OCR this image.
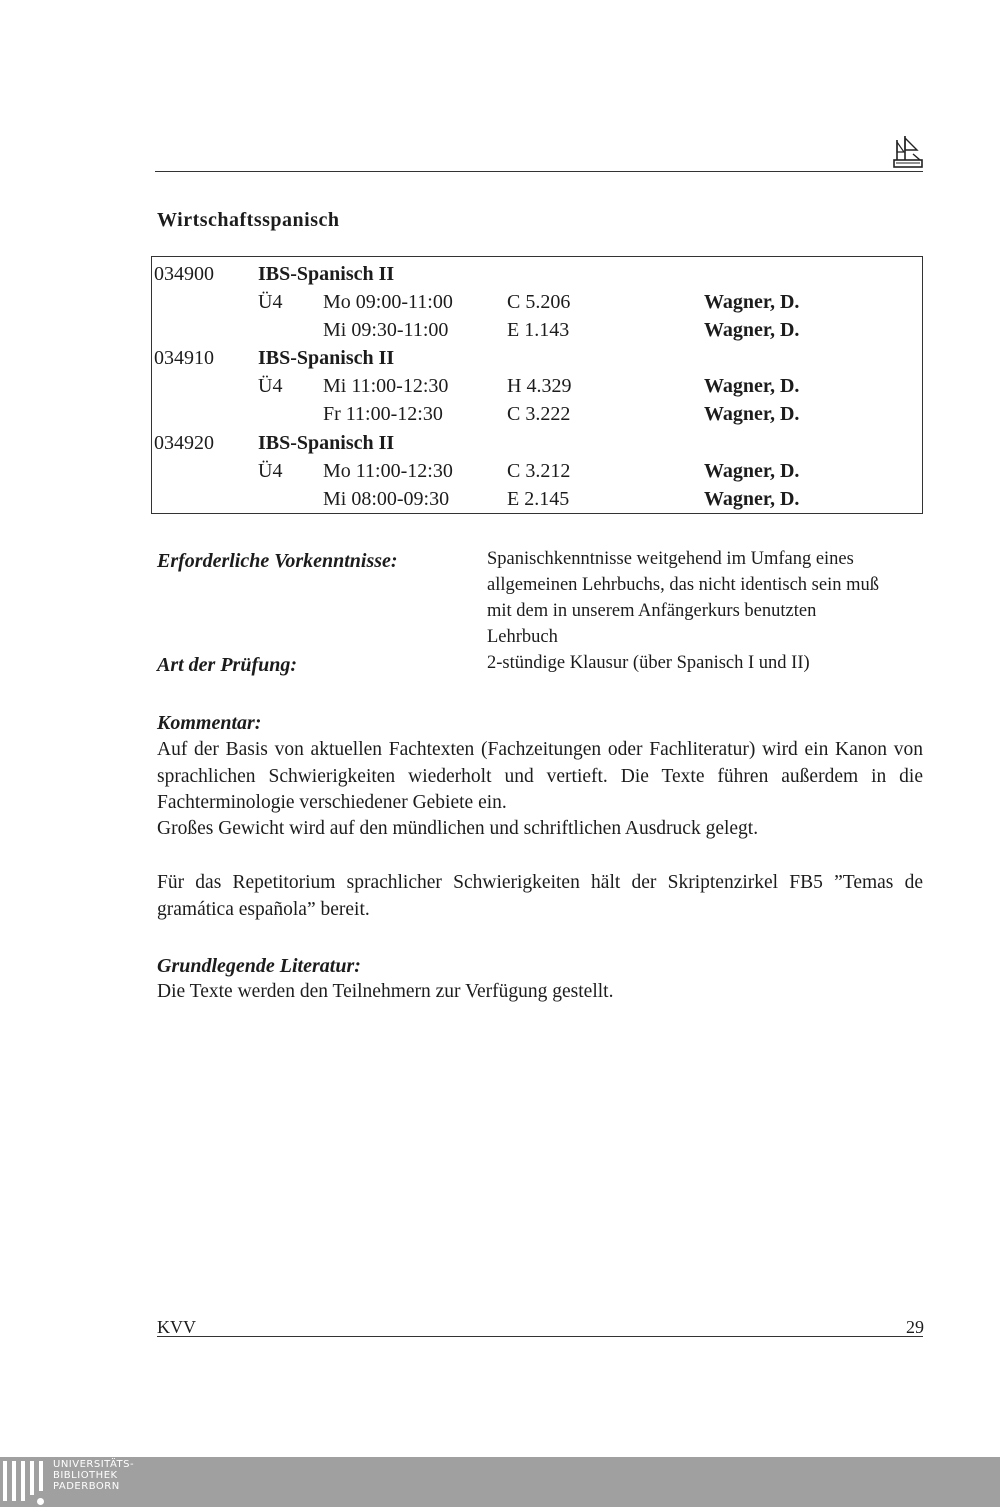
Wirtschaftsspanisch
034900 IBS-Spanisch II
Ü4 Mo 09:00-11:00	C 5.206	Wagner, D.
Mi 09:30-11:00	E 1.143	Wagner, D.
034910 IBS-Spanisch II
Ü4 Mi 11:00-12:30	H 4.329	Wagner, D.
Fr 11:00-12:30	C 3.222	Wagner, D.
034920 IBS-Spanisch II
Ü4 Mo 11:00-12:30	C 3.212	Wagner, D.
Mi 08:00-09:30	E 2.145	Wagner, D.
Erforderliche Vorkenntnisse:	Spanischkenntnisse weitgehend im Umfang eines allgemeinen Lehrbuchs, das nicht identisch sein muß mit dem in unserem Anfängerkurs benutzten Lehrbuch
Art der Prüfung:	2-stündige Klausur (über Spanisch I und II)
Kommentar:
Auf der Basis von aktuellen Fachtexten (Fachzeitungen oder Fachliteratur) wird ein Kanon von sprachlichen Schwierigkeiten wiederholt und vertieft. Die Texte führen außerdem in die Fachterminologie verschiedener Gebiete ein.
Großes Gewicht wird auf den mündlichen und schriftlichen Ausdruck gelegt.
Für das Repetitorium sprachlicher Schwierigkeiten hält der Skriptenzirkel FB5 ”Temas de gramática española” bereit.
Grundlegende Literatur:
Die Texte werden den Teilnehmern zur Verfügung gestellt.
KVV	29
UNIVERSITÄTS-
BIBLIOTHEK
PADERBORN
